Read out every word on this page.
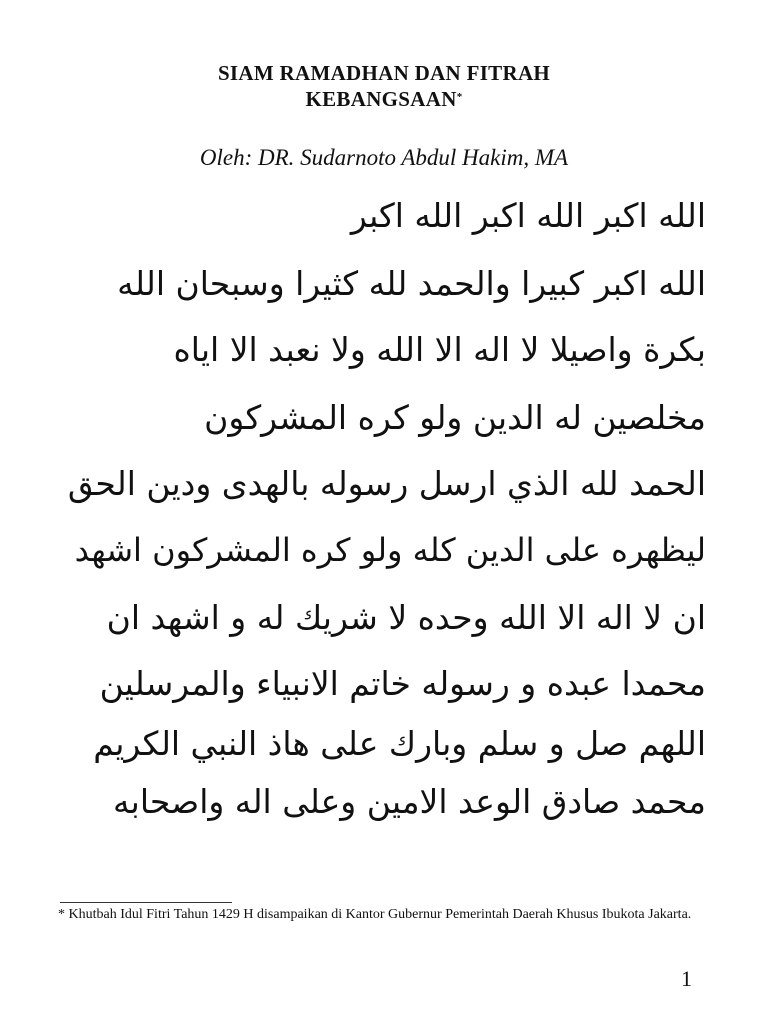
SIAM RAMADHAN DAN FITRAH
KEBANGSAAN*
Oleh: DR. Sudarnoto Abdul Hakim, MA
الله اكبر الله اكبر الله اكبر
الله اكبر كبيرا والحمد لله كثيرا وسبحان الله
بكرة واصيلا لا اله الا الله ولا نعبد الا اياه
مخلصين له الدين ولو كره المشركون
الحمد لله الذي ارسل رسوله بالهدى ودين الحق
ليظهره على الدين كله ولو كره المشركون اشهد
ان لا اله الا الله وحده لا شريك له و اشهد ان
محمدا عبده و رسوله خاتم الانبياء والمرسلين
اللهم صل و سلم وبارك على هاذ النبي الكريم
محمد صادق الوعد الامين وعلى اله واصحابه
* Khutbah Idul Fitri Tahun 1429 H disampaikan di Kantor Gubernur Pemerintah Daerah Khusus Ibukota Jakarta.
1
